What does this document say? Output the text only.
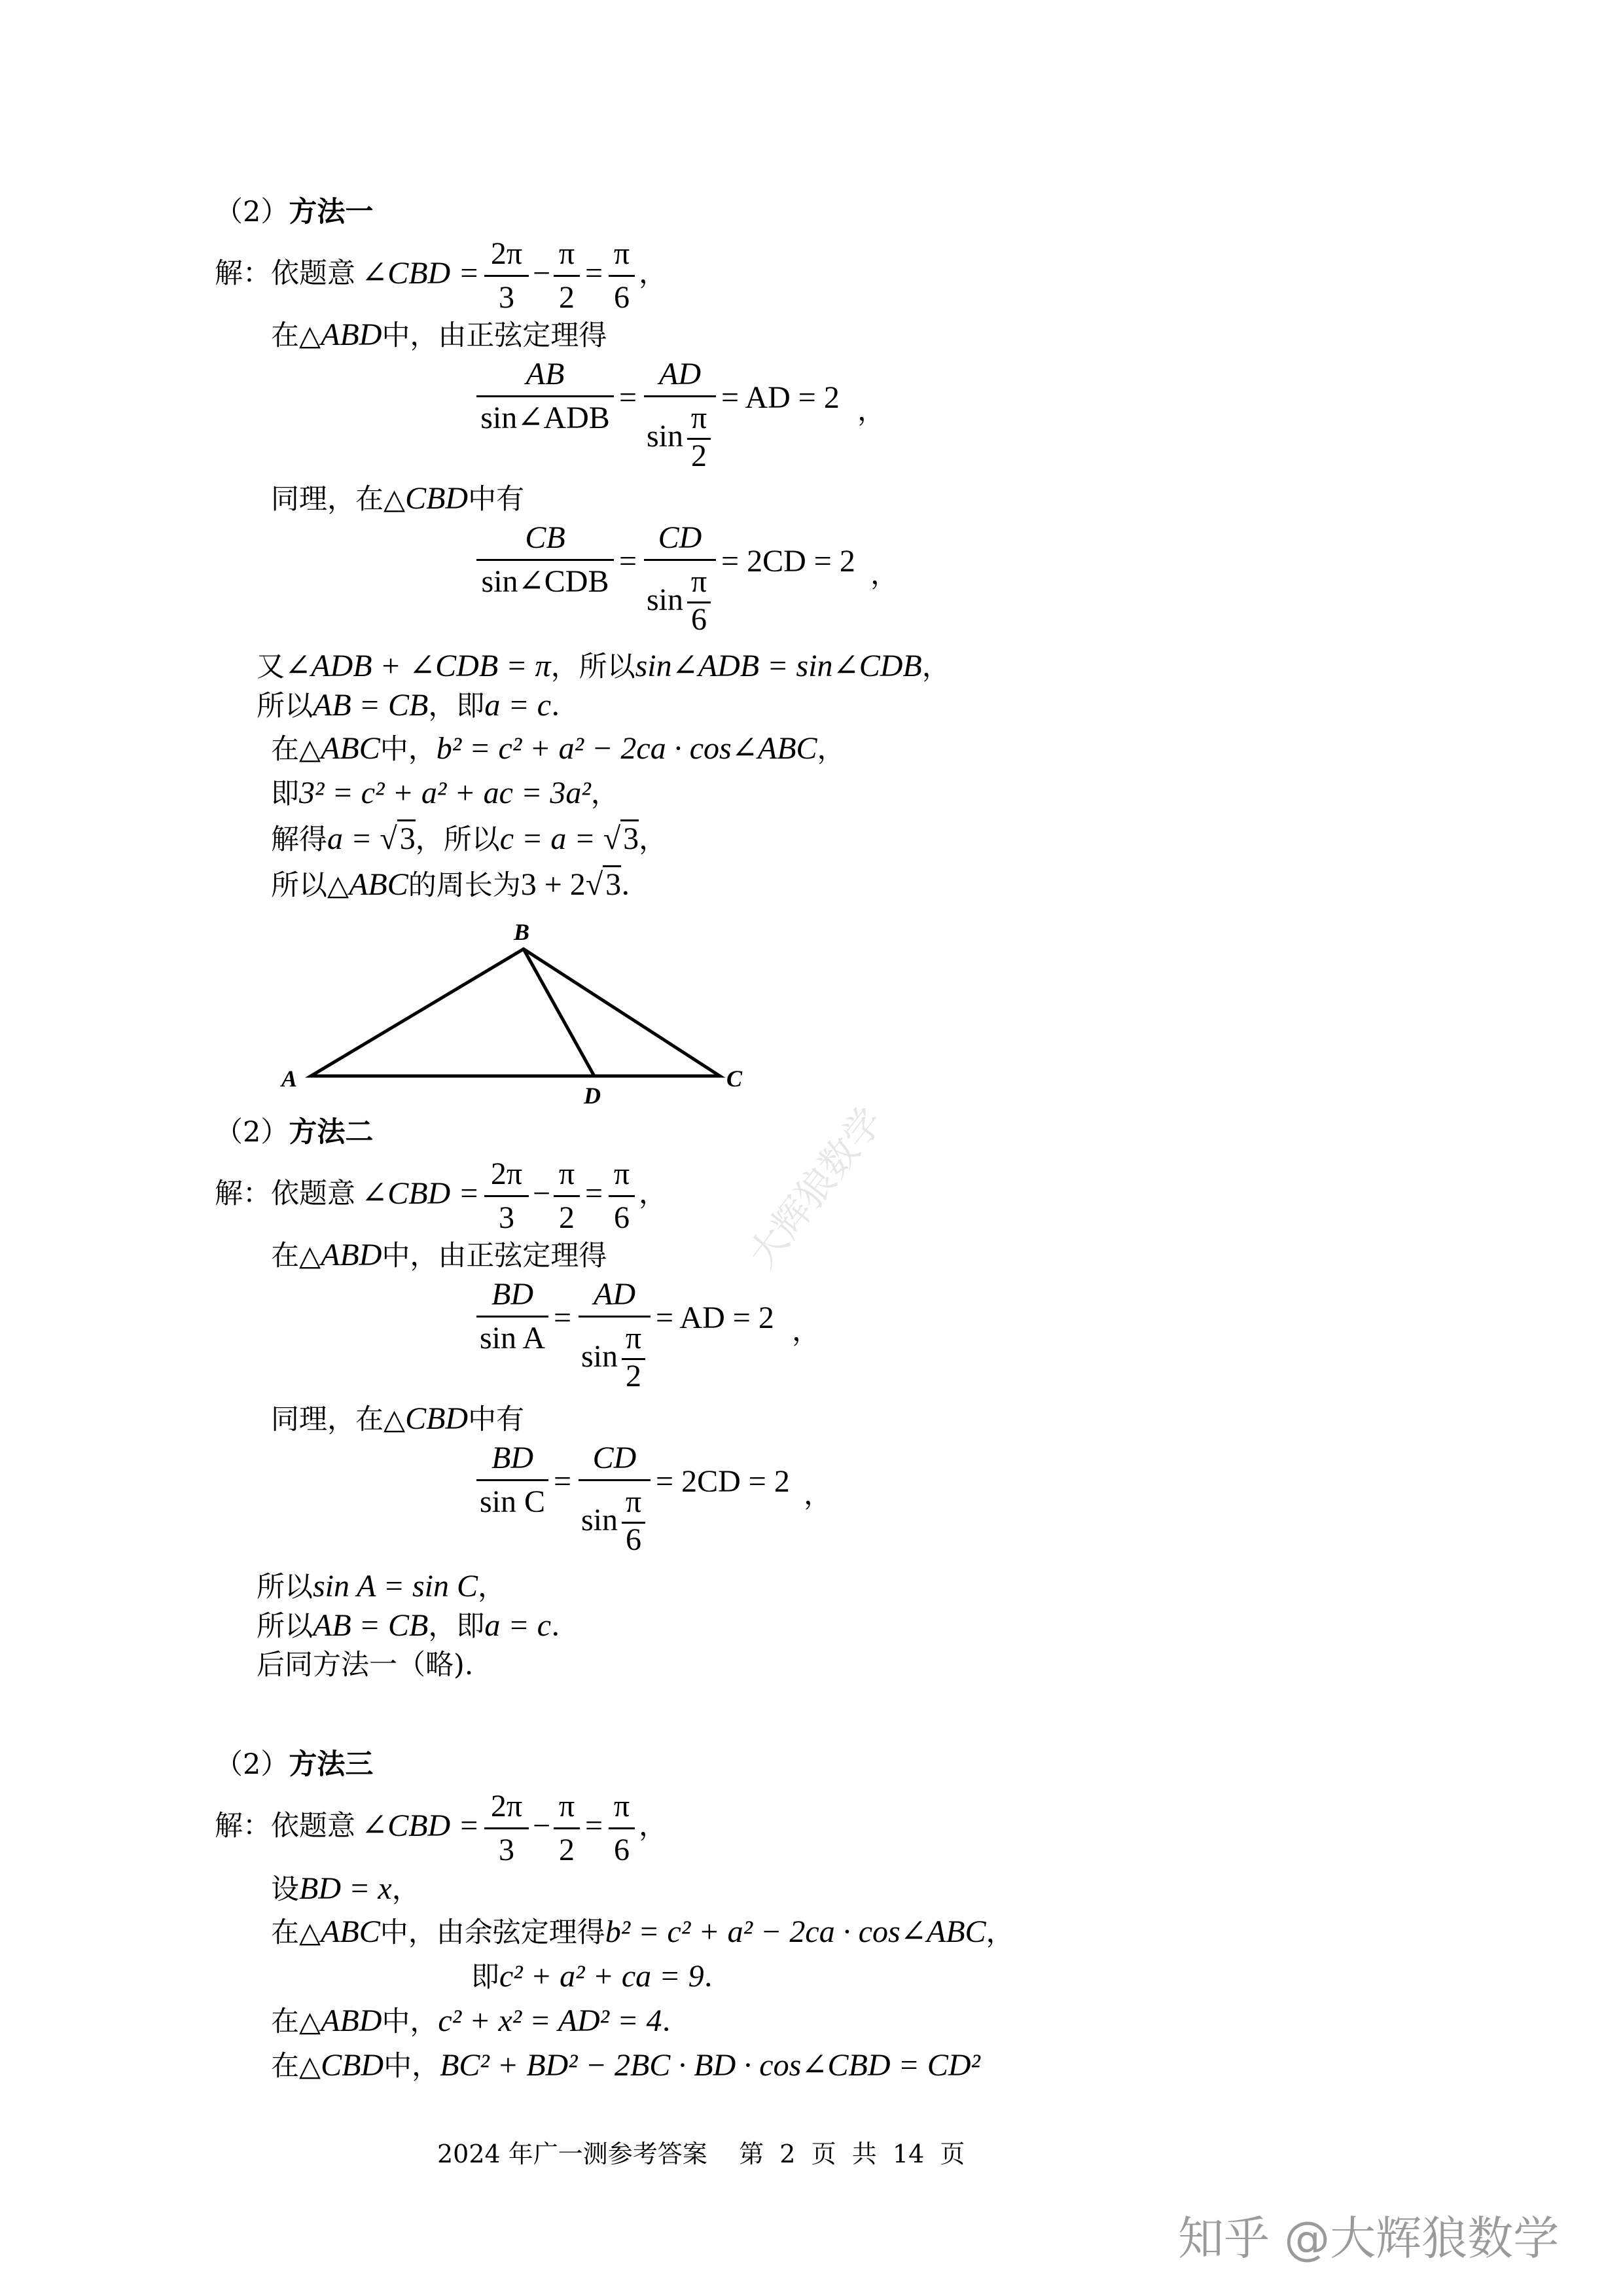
（2）方法一
解：依题意 ∠CBD =
2π
3
−
π
2
=
π
6
，
在△ABD中，由正弦定理得
AB
sin∠ADB
=
AD
sin
π
2
= AD = 2 ，
同理，在△CBD中有
CB
sin∠CDB
=
CD
sin
π
6
= 2CD = 2 ，
又∠ADB + ∠CDB = π，所以sin∠ADB = sin∠CDB，
所以AB = CB，即a = c．
在△ABC中，b² = c² + a² − 2ca · cos∠ABC，
即3² = c² + a² + ac = 3a²，
解得a = √3，所以c = a = √3，
所以△ABC的周长为3 + 2√3．
B
A
D
C
（2）方法二
解：依题意 ∠CBD =
2π
3
−
π
2
=
π
6
，
在△ABD中，由正弦定理得
BD
sin A
=
AD
sin
π
2
= AD = 2 ，
同理，在△CBD中有
BD
sin C
=
CD
sin
π
6
= 2CD = 2 ，
所以sin A = sin C，
所以AB = CB，即a = c．
后同方法一（略).
（2）方法三
解：依题意 ∠CBD =
2π
3
−
π
2
=
π
6
，
设BD = x，
在△ABC中，由余弦定理得b² = c² + a² − 2ca · cos∠ABC，
即c² + a² + ca = 9．
在△ABD中，c² + x² = AD² = 4．
在△CBD中，BC² + BD² − 2BC · BD · cos∠CBD = CD²
2024 年广一测参考答案    第  2  页  共  14  页
大辉狼数学
知乎 @大辉狼数学
